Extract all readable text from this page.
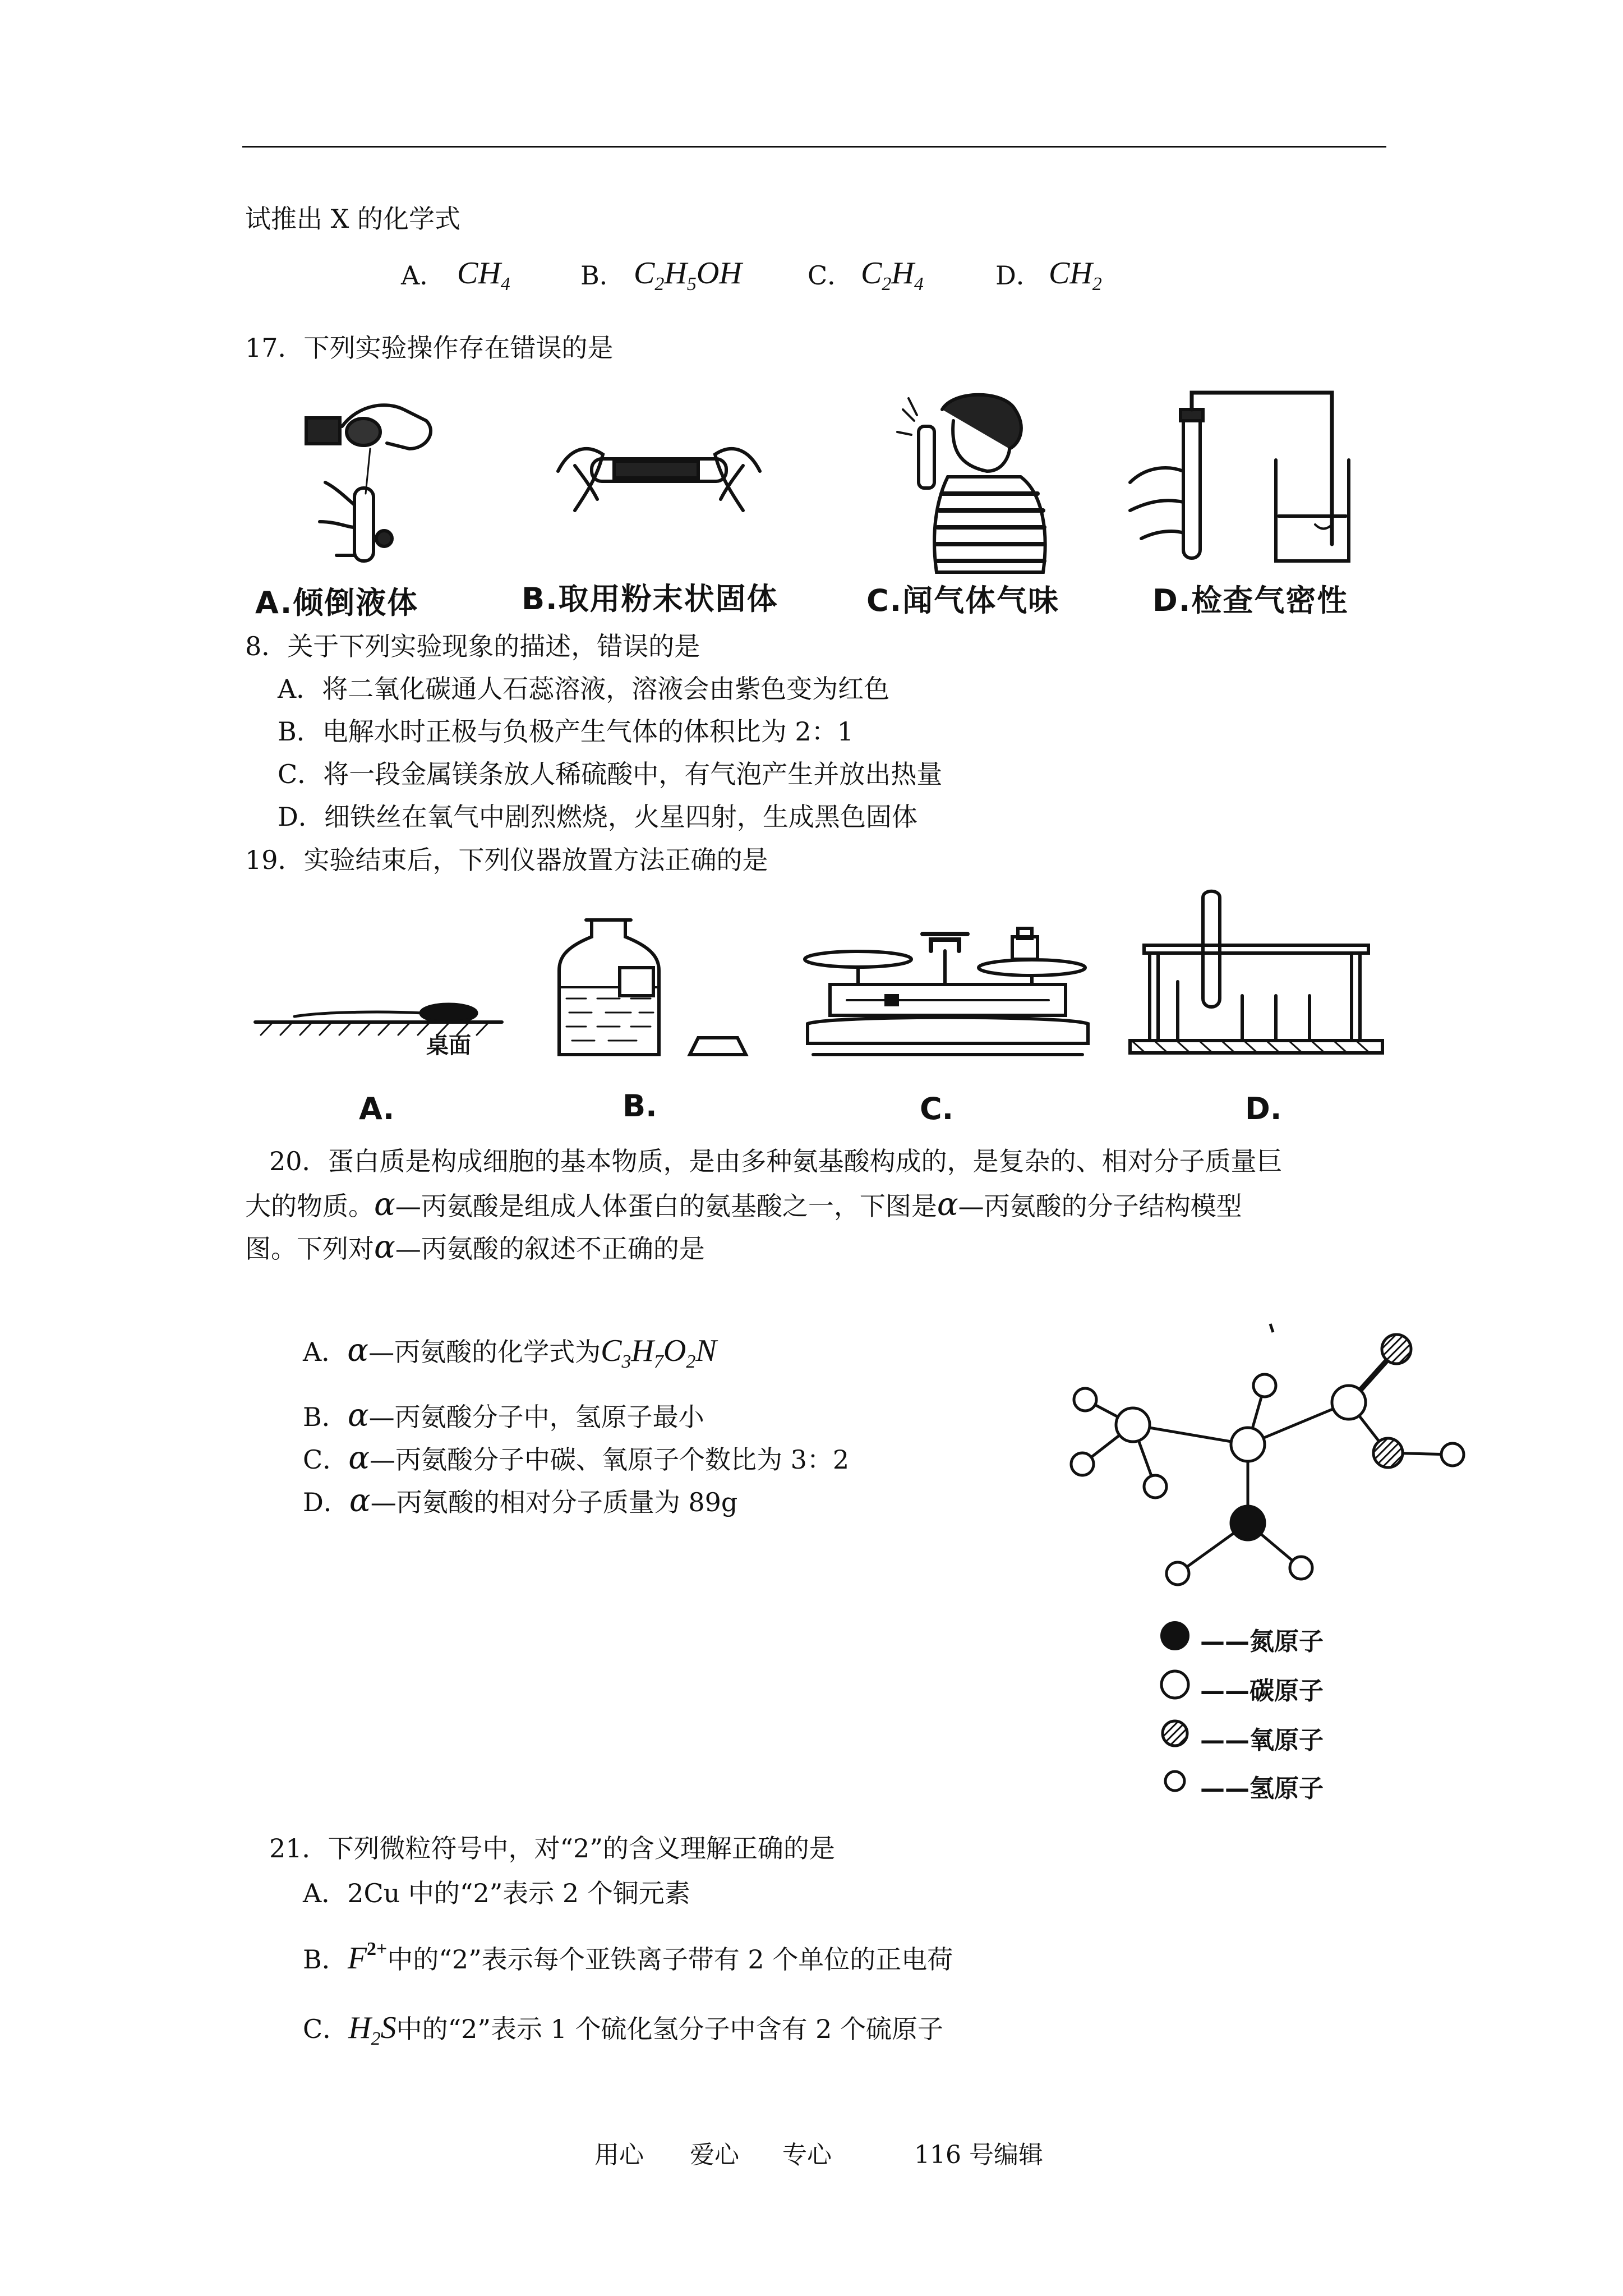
试推出 X 的化学式
A． $CH_4$	B． $C_2H_5OH$	C． $C_2H_4$	D． $CH_2$
17．下列实验操作存在错误的是
A.倾倒液体	B.取用粉末状固体	C.闻气体气味	D.检查气密性
8．关于下列实验现象的描述，错误的是
A．将二氧化碳通人石蕊溶液，溶液会由紫色变为红色
B．电解水时正极与负极产生气体的体积比为 2：1
C．将一段金属镁条放人稀硫酸中，有气泡产生并放出热量
D．细铁丝在氧气中剧烈燃烧，火星四射，生成黑色固体
19．实验结束后，下列仪器放置方法正确的是
桌面
A.	B.	C.	D.
20．蛋白质是构成细胞的基本物质，是由多种氨基酸构成的，是复杂的、相对分子质量巨
大的物质。α—丙氨酸是组成人体蛋白的氨基酸之一，下图是α—丙氨酸的分子结构模型
图。下列对α—丙氨酸的叙述不正确的是
A．α—丙氨酸的化学式为$C_3H_7O_2N$
B．α—丙氨酸分子中，氢原子最小
C．α—丙氨酸分子中碳、氧原子个数比为 3：2
D．α—丙氨酸的相对分子质量为 89g
——氮原子
——碳原子
——氧原子
——氢原子
21．下列微粒符号中，对“2”的含义理解正确的是
A．2Cu 中的“2”表示 2 个铜元素
B．$F^{2+}$中的“2”表示每个亚铁离子带有 2 个单位的正电荷
C．$H_2S$中的“2”表示 1 个硫化氢分子中含有 2 个硫原子
用心 爱心 专心	116 号编辑
